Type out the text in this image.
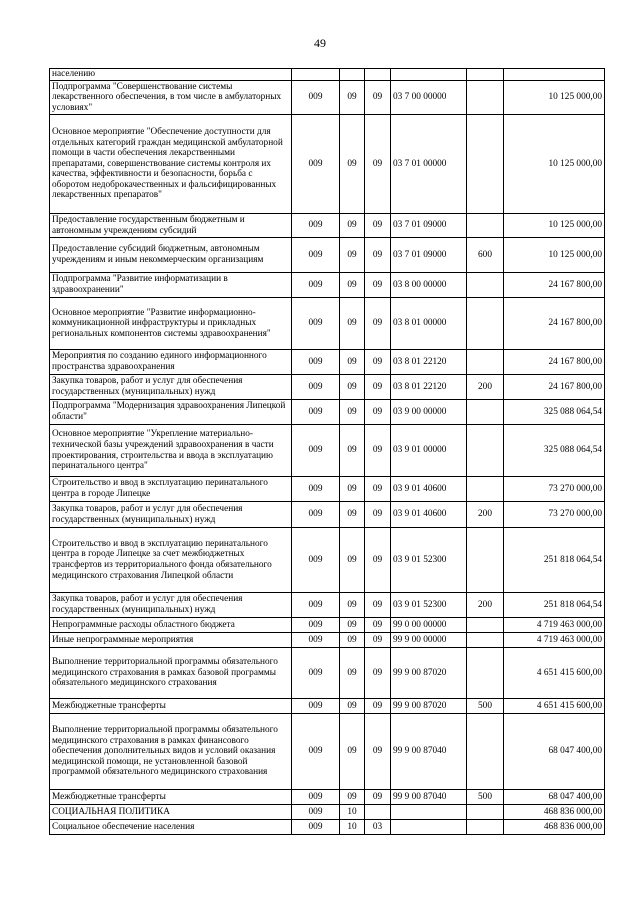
49
населению						
Подпрограмма "Совершенствование системы лекарственного обеспечения, в том числе в амбулаторных условиях"	009	09	09	03 7 00 00000		10 125 000,00
Основное мероприятие "Обеспечение доступности для отдельных категорий граждан медицинской амбулаторной помощи в части обеспечения лекарственными препаратами, совершенствование системы контроля их качества, эффективности и безопасности, борьба с оборотом недоброкачественных и фальсифицированных лекарственных препаратов"	009	09	09	03 7 01 00000		10 125 000,00
Предоставление государственным бюджетным и автономным учреждениям субсидий	009	09	09	03 7 01 09000		10 125 000,00
Предоставление субсидий бюджетным, автономным учреждениям и иным некоммерческим организациям	009	09	09	03 7 01 09000	600	10 125 000,00
Подпрограмма "Развитие информатизации в здравоохранении"	009	09	09	03 8 00 00000		24 167 800,00
Основное мероприятие "Развитие информационно-коммуникационной инфраструктуры и прикладных региональных компонентов системы здравоохранения"	009	09	09	03 8 01 00000		24 167 800,00
Мероприятия по созданию единого информационного пространства здравоохранения	009	09	09	03 8 01 22120		24 167 800,00
Закупка товаров, работ и услуг для обеспечения государственных (муниципальных) нужд	009	09	09	03 8 01 22120	200	24 167 800,00
Подпрограмма "Модернизация здравоохранения Липецкой области"	009	09	09	03 9 00 00000		325 088 064,54
Основное мероприятие "Укрепление материально-технической базы учреждений здравоохранения в части проектирования, строительства и ввода в эксплуатацию перинатального центра"	009	09	09	03 9 01 00000		325 088 064,54
Строительство и ввод в эксплуатацию перинатального центра в городе Липецке	009	09	09	03 9 01 40600		73 270 000,00
Закупка товаров, работ и услуг для обеспечения государственных (муниципальных) нужд	009	09	09	03 9 01 40600	200	73 270 000,00
Строительство и ввод в эксплуатацию перинатального центра в городе Липецке за счет межбюджетных трансфертов из территориального фонда обязательного медицинского страхования Липецкой области	009	09	09	03 9 01 52300		251 818 064,54
Закупка товаров, работ и услуг для обеспечения государственных (муниципальных) нужд	009	09	09	03 9 01 52300	200	251 818 064,54
Непрограммные расходы областного бюджета	009	09	09	99 0 00 00000		4 719 463 000,00
Иные непрограммные мероприятия	009	09	09	99 9 00 00000		4 719 463 000,00
Выполнение территориальной программы обязательного медицинского страхования в рамках базовой программы обязательного медицинского страхования	009	09	09	99 9 00 87020		4 651 415 600,00
Межбюджетные трансферты	009	09	09	99 9 00 87020	500	4 651 415 600,00
Выполнение территориальной программы обязательного медицинского страхования в рамках финансового обеспечения дополнительных видов и условий оказания медицинской помощи, не установленной базовой программой обязательного медицинского страхования	009	09	09	99 9 00 87040		68 047 400,00
Межбюджетные трансферты	009	09	09	99 9 00 87040	500	68 047 400,00
СОЦИАЛЬНАЯ ПОЛИТИКА	009	10				468 836 000,00
Социальное обеспечение населения	009	10	03			468 836 000,00
